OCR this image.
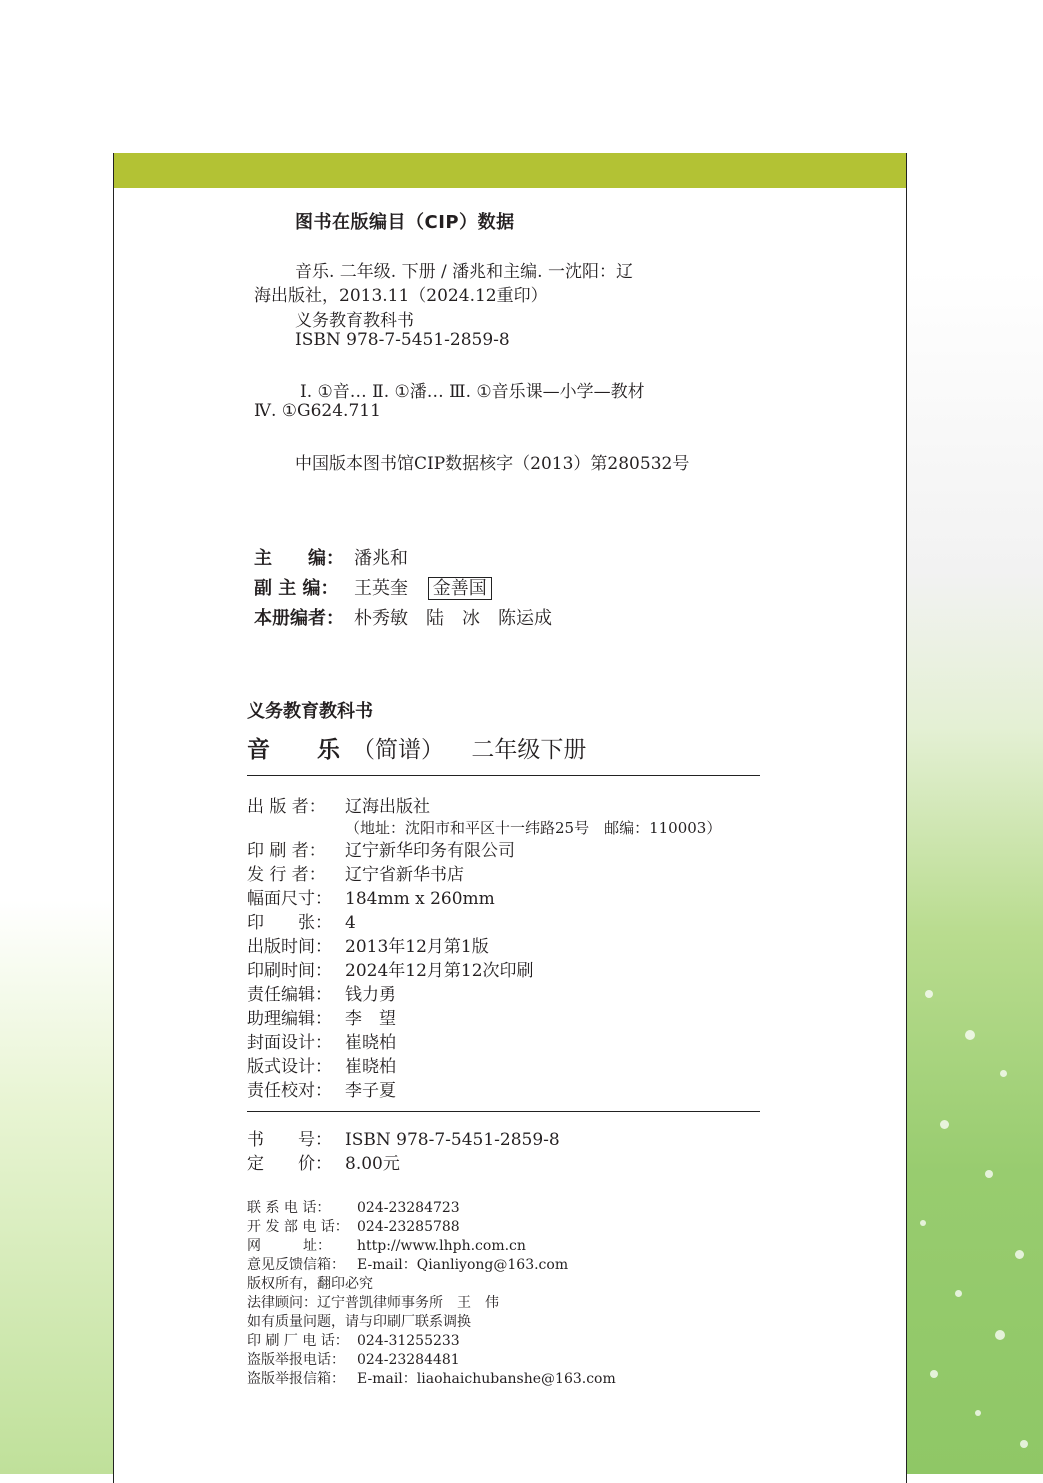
图书在版编目（CIP）数据
音乐. 二年级. 下册 / 潘兆和主编. 一沈阳：辽
海出版社，2013.11（2024.12重印）
义务教育教科书
ISBN 978-7-5451-2859-8
Ⅰ. ①音… Ⅱ. ①潘… Ⅲ. ①音乐课—小学—教材
Ⅳ. ①G624.711
中国版本图书馆CIP数据核字（2013）第280532号
主　　编： 潘兆和
副 主 编： 王英奎 金善国
本册编者： 朴秀敏　陆　冰　陈运成
义务教育教科书
音　乐（简谱） 二年级下册
出 版 者： 辽海出版社
（地址：沈阳市和平区十一纬路25号　邮编：110003）
印 刷 者： 辽宁新华印务有限公司
发 行 者： 辽宁省新华书店
幅面尺寸： 184mm x 260mm
印　　张： 4
出版时间： 2013年12月第1版
印刷时间： 2024年12月第12次印刷
责任编辑： 钱力勇
助理编辑： 李　望
封面设计： 崔晓柏
版式设计： 崔晓柏
责任校对： 李子夏
书　　号： ISBN 978-7-5451-2859-8
定　　价： 8.00元
联 系 电 话： 024-23284723
开 发 部 电 话： 024-23285788
网　　　址： http://www.lhph.com.cn
意见反馈信箱： E-mail：Qianliyong@163.com
版权所有，翻印必究
法律顾问：辽宁普凯律师事务所　王　伟
如有质量问题，请与印刷厂联系调换
印 刷 厂 电 话： 024-31255233
盗版举报电话： 024-23284481
盗版举报信箱： E-mail：liaohaichubanshe@163.com
